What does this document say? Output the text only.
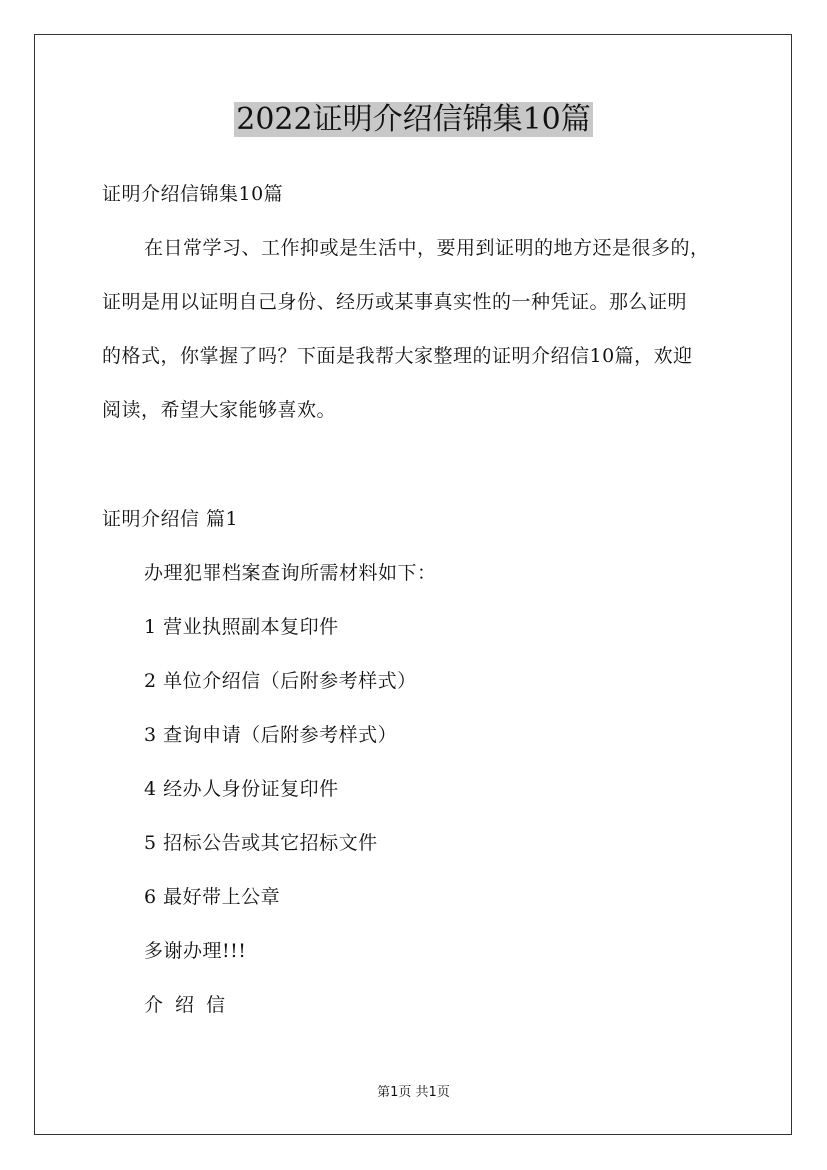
2022证明介绍信锦集10篇

证明介绍信锦集10篇

在日常学习、工作抑或是生活中，要用到证明的地方还是很多的，

证明是用以证明自己身份、经历或某事真实性的一种凭证。那么证明

的格式，你掌握了吗？下面是我帮大家整理的证明介绍信10篇，欢迎

阅读，希望大家能够喜欢。

证明介绍信 篇1

办理犯罪档案查询所需材料如下：

1 营业执照副本复印件

2 单位介绍信（后附参考样式）

3 查询申请（后附参考样式）

4 经办人身份证复印件

5 招标公告或其它招标文件

6 最好带上公章

多谢办理!!!

介绍信

第1页 共1页
